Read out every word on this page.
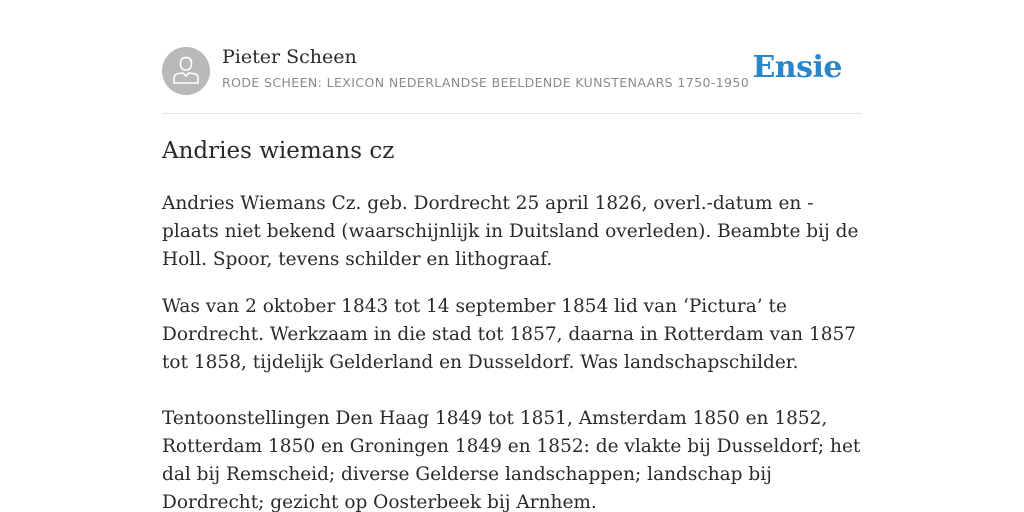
Pieter Scheen
RODE SCHEEN: LEXICON NEDERLANDSE BEELDENDE KUNSTENAARS 1750-1950 Ensie
Andries wiemans cz

Andries Wiemans Cz. geb. Dordrecht 25 april 1826, overl.-datum en -plaats niet bekend (waarschijnlijk in Duitsland overleden). Beambte bij de Holl. Spoor, tevens schilder en lithograaf.

Was van 2 oktober 1843 tot 14 september 1854 lid van ‘Pictura’ te Dordrecht. Werkzaam in die stad tot 1857, daarna in Rotterdam van 1857 tot 1858, tijdelijk Gelderland en Dusseldorf. Was landschapschilder.

Tentoonstellingen Den Haag 1849 tot 1851, Amsterdam 1850 en 1852, Rotterdam 1850 en Groningen 1849 en 1852: de vlakte bij Dusseldorf; het dal bij Remscheid; diverse Gelderse landschappen; landschap bij Dordrecht; gezicht op Oosterbeek bij Arnhem.
